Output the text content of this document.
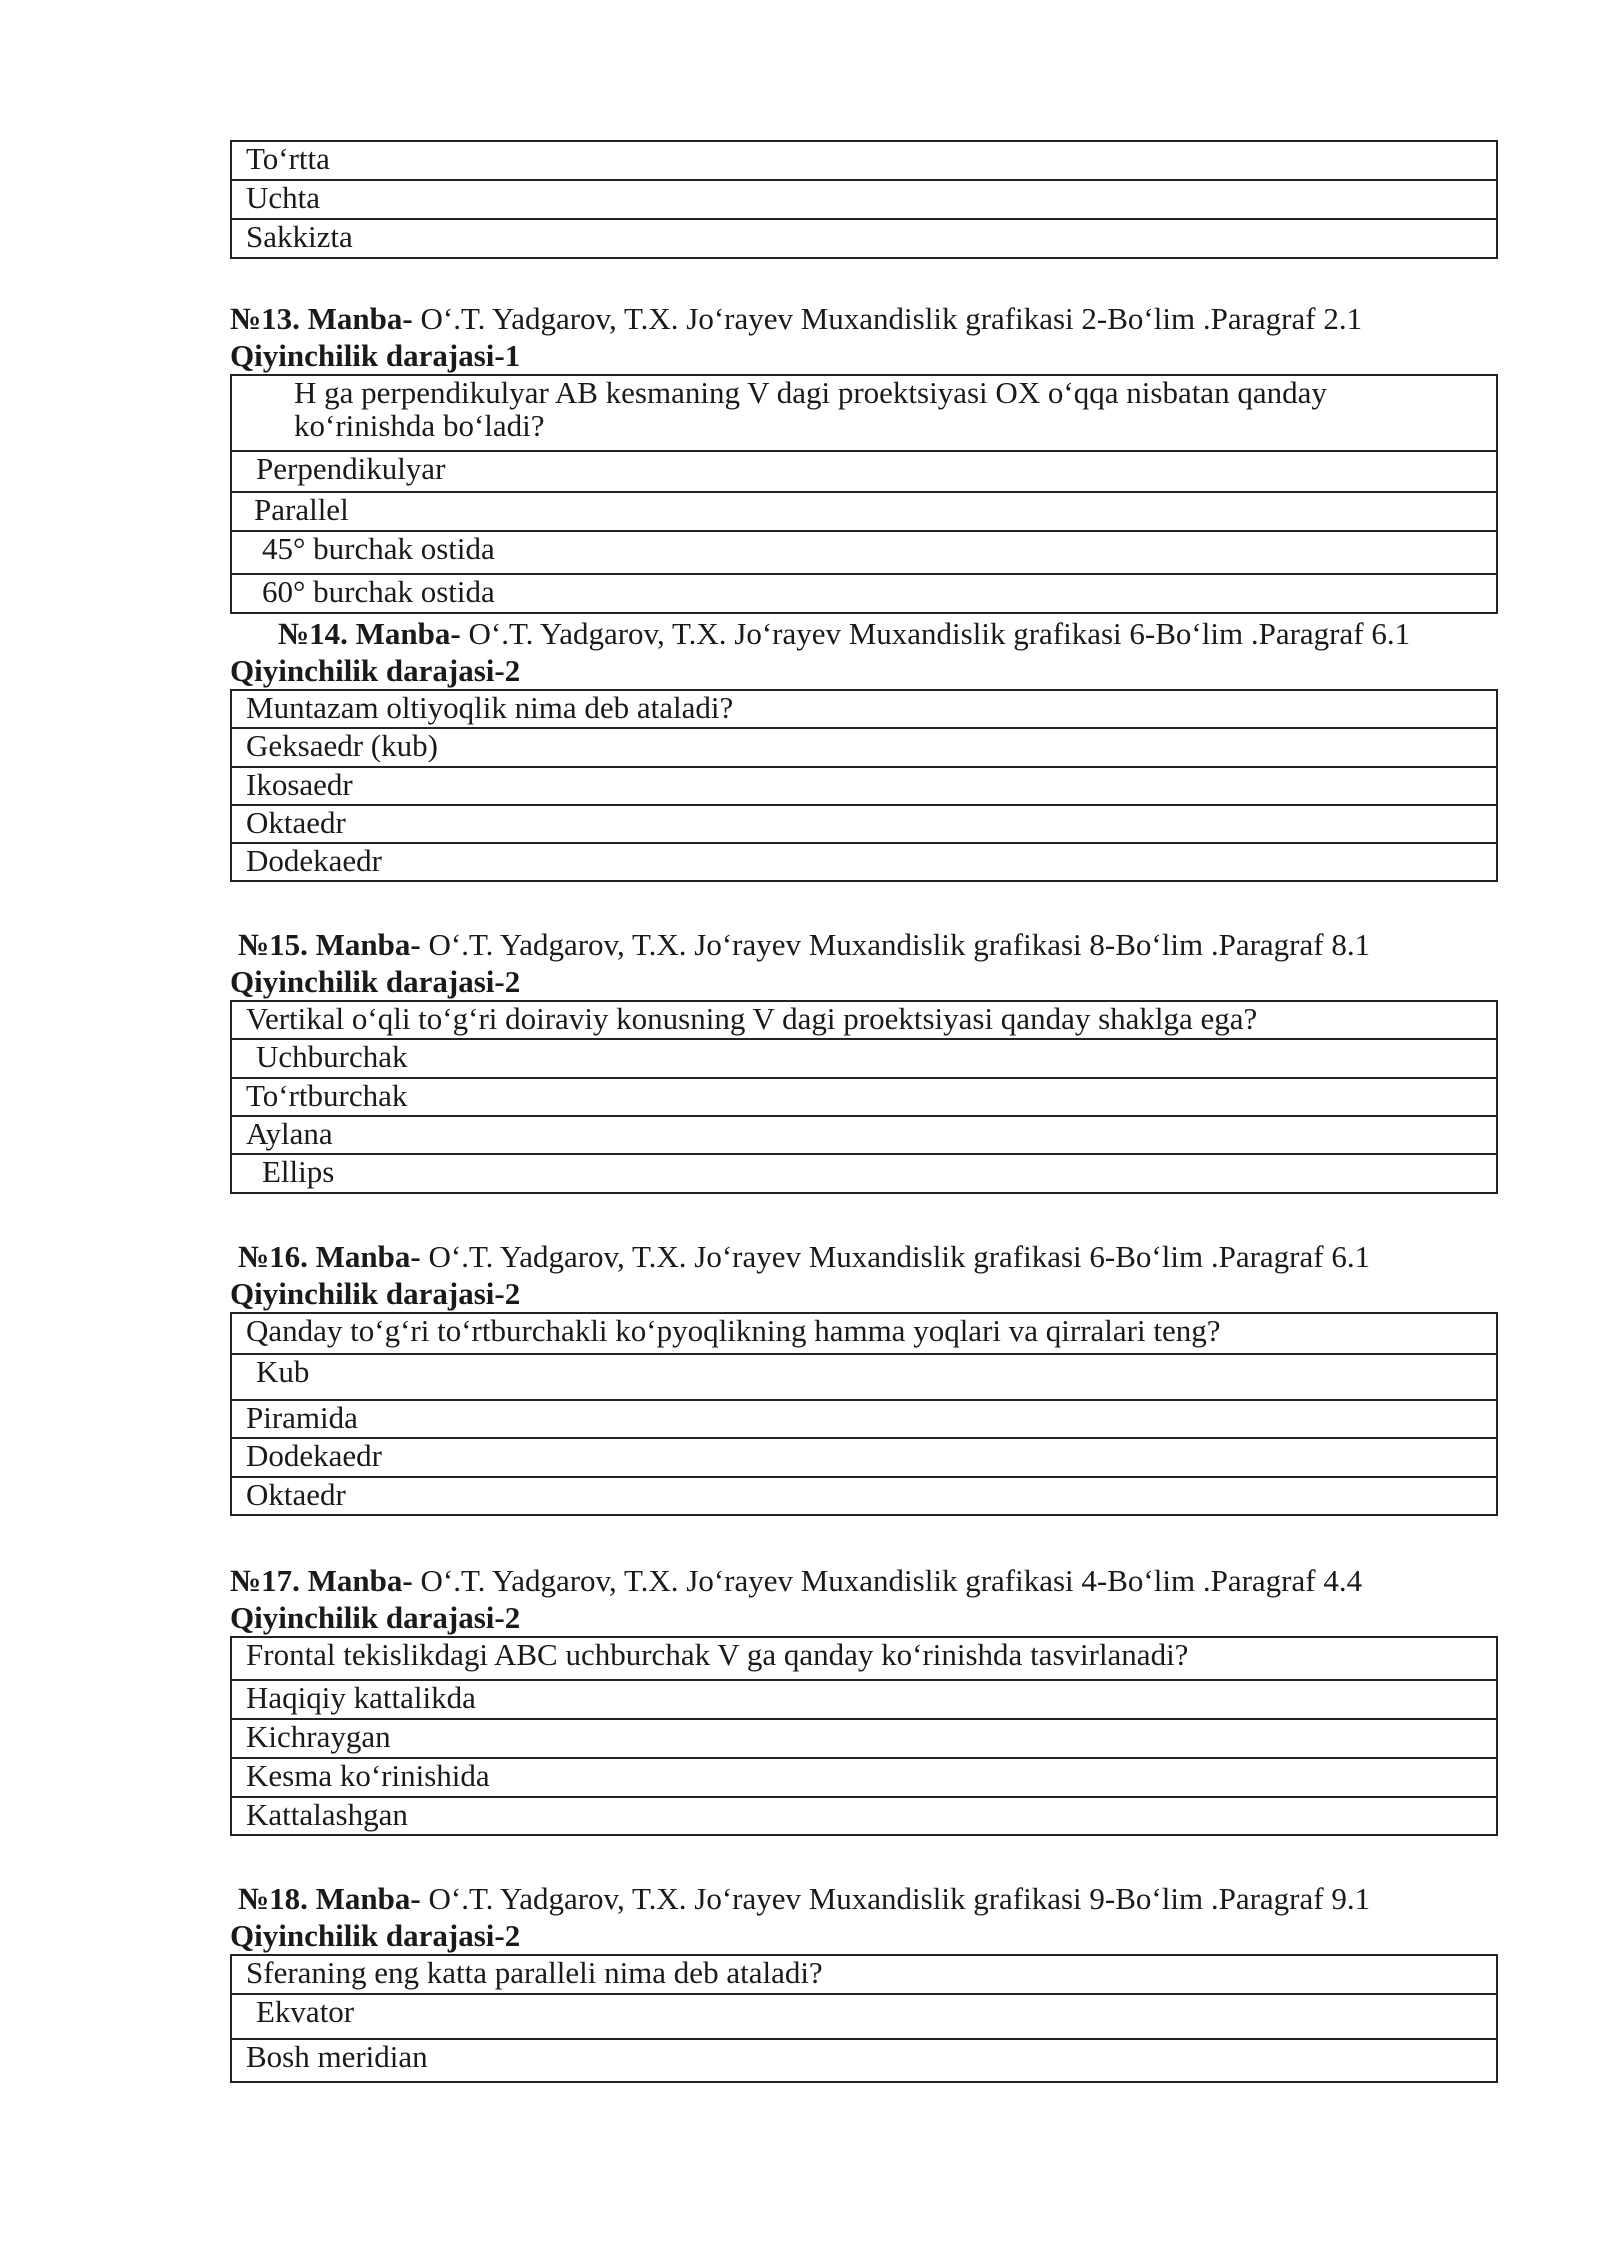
To‘rtta
Uchta
Sakkizta
№13. Manba- O‘.T. Yadgarov, T.X. Jo‘rayev Muxandislik grafikasi 2-Bo‘lim .Paragraf 2.1
Qiyinchilik darajasi-1
H ga perpendikulyar AB kesmaning V dagi proektsiyasi OX o‘qqa nisbatan qanday ko‘rinishda bo‘ladi?
Perpendikulyar
Parallel
45° burchak ostida
60° burchak ostida
№14. Manba- O‘.T. Yadgarov, T.X. Jo‘rayev Muxandislik grafikasi 6-Bo‘lim .Paragraf 6.1
Qiyinchilik darajasi-2
Muntazam oltiyoqlik nima deb ataladi?
Geksaedr (kub)
Ikosaedr
Oktaedr
Dodekaedr
№15. Manba- O‘.T. Yadgarov, T.X. Jo‘rayev Muxandislik grafikasi 8-Bo‘lim .Paragraf 8.1
Qiyinchilik darajasi-2
Vertikal o‘qli to‘g‘ri doiraviy konusning V dagi proektsiyasi qanday shaklga ega?
Uchburchak
To‘rtburchak
Aylana
Ellips
№16. Manba- O‘.T. Yadgarov, T.X. Jo‘rayev Muxandislik grafikasi 6-Bo‘lim .Paragraf 6.1
Qiyinchilik darajasi-2
Qanday to‘g‘ri to‘rtburchakli ko‘pyoqlikning hamma yoqlari va qirralari teng?
Kub
Piramida
Dodekaedr
Oktaedr
№17. Manba- O‘.T. Yadgarov, T.X. Jo‘rayev Muxandislik grafikasi 4-Bo‘lim .Paragraf 4.4
Qiyinchilik darajasi-2
Frontal tekislikdagi ABC uchburchak V ga qanday ko‘rinishda tasvirlanadi?
Haqiqiy kattalikda
Kichraygan
Kesma ko‘rinishida
Kattalashgan
№18. Manba- O‘.T. Yadgarov, T.X. Jo‘rayev Muxandislik grafikasi 9-Bo‘lim .Paragraf 9.1
Qiyinchilik darajasi-2
Sferaning eng katta paralleli nima deb ataladi?
Ekvator
Bosh meridian
